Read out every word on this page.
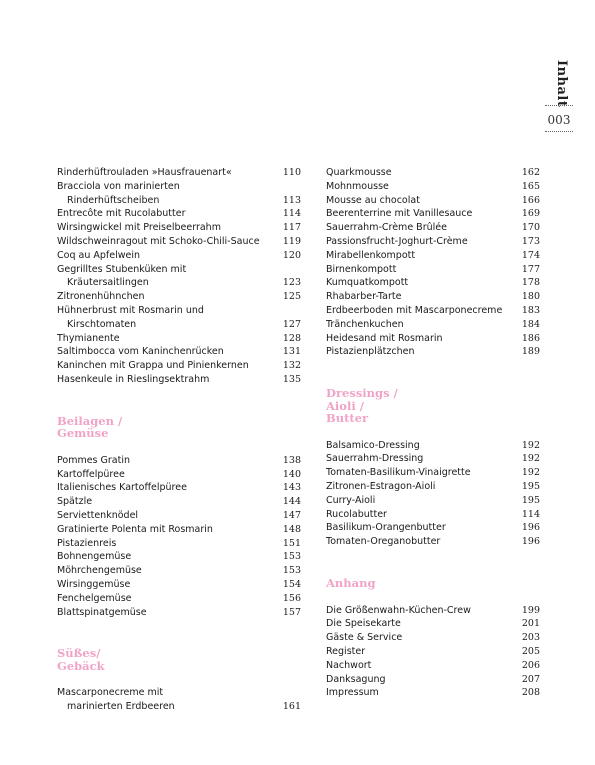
Inhalt
003
Rinderhüftrouladen »Hausfrauenart«	110
Bracciola von marinierten
Rinderhüftscheiben	113
Entrecôte mit Rucolabutter	114
Wirsingwickel mit Preiselbeerrahm	117
Wildschweinragout mit Schoko-Chili-Sauce 119
Coq au Apfelwein	120
Gegrilltes Stubenküken mit
Kräutersaitlingen	123
Zitronenhühnchen	125
Hühnerbrust mit Rosmarin und
Kirschtomaten	127
Thymianente	128
Saltimbocca vom Kaninchenrücken	131
Kaninchen mit Grappa und Pinienkernen	132
Hasenkeule in Rieslingsektrahm	135
Beilagen /
Gemüse
Pommes Gratin	138
Kartoffelpüree	140
Italienisches Kartoffelpüree	143
Spätzle	144
Serviettenknödel	147
Gratinierte Polenta mit Rosmarin	148
Pistazienreis	151
Bohnengemüse	153
Möhrchengemüse	153
Wirsinggemüse	154
Fenchelgemüse	156
Blattspinatgemüse	157
Süßes/
Gebäck
Mascarponecreme mit
marinierten Erdbeeren	161
Quarkmousse	162
Mohnmousse	165
Mousse au chocolat	166
Beerenterrine mit Vanillesauce	169
Sauerrahm-Crème Brûlée	170
Passionsfrucht-Joghurt-Crème	173
Mirabellenkompott	174
Birnenkompott	177
Kumquatkompott	178
Rhabarber-Tarte	180
Erdbeerboden mit Mascarponecreme 183
Tränchenkuchen	184
Heidesand mit Rosmarin	186
Pistazienplätzchen	189
Dressings /
Aioli /
Butter
Balsamico-Dressing	192
Sauerrahm-Dressing	192
Tomaten-Basilikum-Vinaigrette	192
Zitronen-Estragon-Aioli	195
Curry-Aioli	195
Rucolabutter	114
Basilikum-Orangenbutter	196
Tomaten-Oreganobutter	196
Anhang
Die Größenwahn-Küchen-Crew	199
Die Speisekarte	201
Gäste & Service	203
Register	205
Nachwort	206
Danksagung	207
Impressum	208
